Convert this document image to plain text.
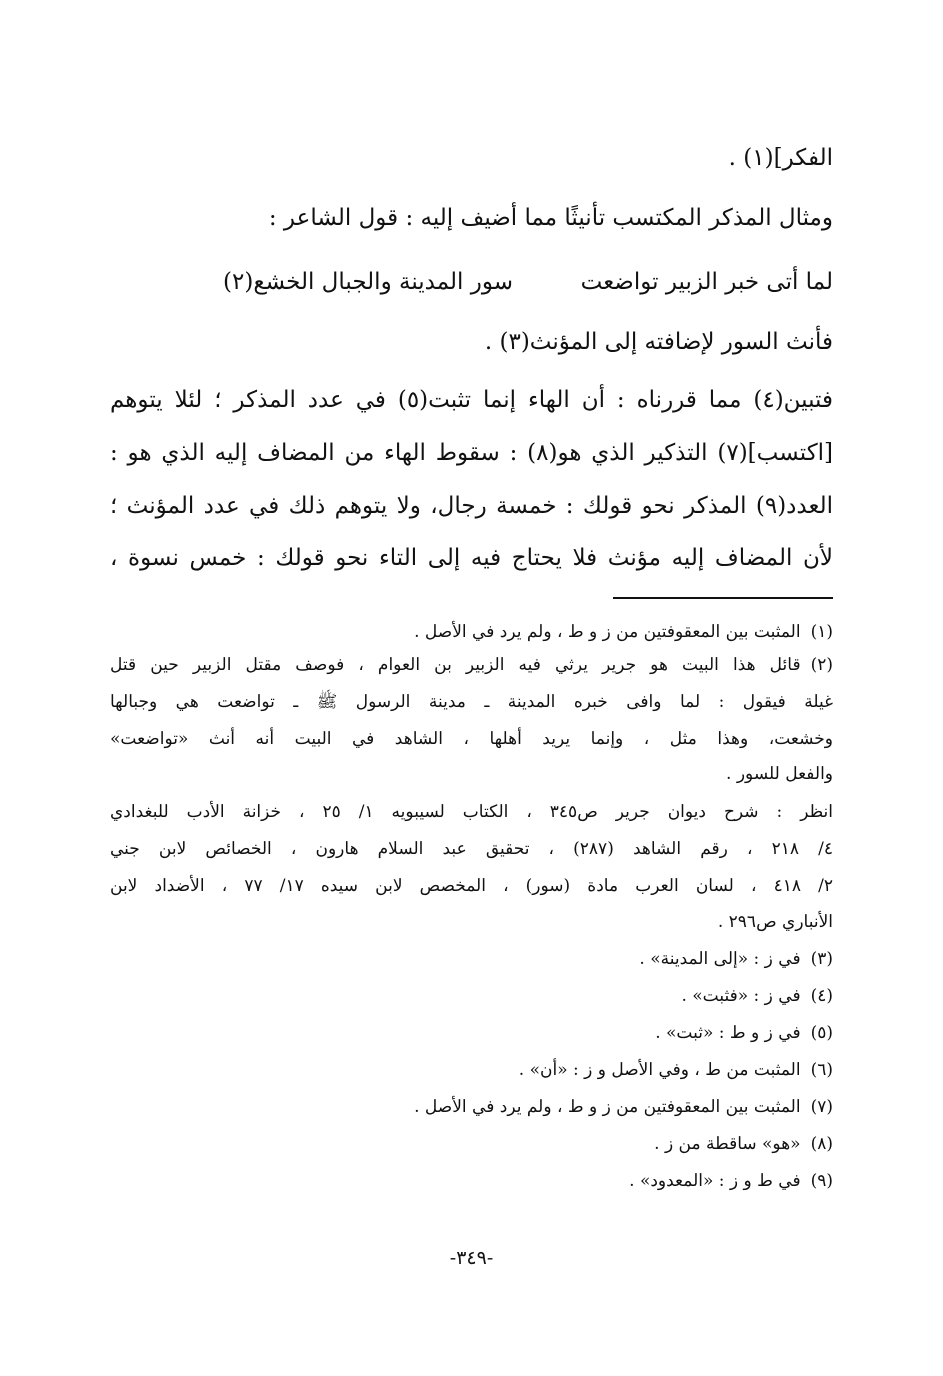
الفكر](١) .
ومثال المذكر المكتسب تأنيثًا مما أضيف إليه : قول الشاعر :
لما أتى خبر الزبير تواضعت
سور المدينة والجبال الخشع(٢)
فأنث السور لإضافته إلى المؤنث(٣) .
فتبين(٤) مما قررناه : أن الهاء إنما تثبت(٥) في عدد المذكر ؛ لئلا يتوهم
[اكتسب](٧) التذكير الذي هو(٨) : سقوط الهاء من المضاف إليه الذي هو :
العدد(٩) المذكر نحو قولك : خمسة رجال، ولا يتوهم ذلك في عدد المؤنث ؛
لأن المضاف إليه مؤنث فلا يحتاج فيه إلى التاء نحو قولك : خمس نسوة ،
(١)المثبت بين المعقوفتين من ز و ط ، ولم يرد في الأصل .
(٢)قائل هذا البيت هو جرير يرثي فيه الزبير بن العوام ، فوصف مقتل الزبير حين قتل
غيلة فيقول : لما وافى خبره المدينة ـ مدينة الرسول ﷺ ـ تواضعت هي وجبالها
وخشعت، وهذا مثل ، وإنما يريد أهلها ، الشاهد في البيت أنه أنث «تواضعت»
والفعل للسور .
انظر : شرح ديوان جرير ص٣٤٥ ، الكتاب لسيبويه ١/ ٢٥ ، خزانة الأدب للبغدادي
٤/ ٢١٨ ، رقم الشاهد (٢٨٧) ، تحقيق عبد السلام هارون ، الخصائص لابن جني
٢/ ٤١٨ ، لسان العرب مادة (سور) ، المخصص لابن سيده ١٧/ ٧٧ ، الأضداد لابن
الأنباري ص٢٩٦ .
(٣)في ز : «إلى المدينة» .
(٤)في ز : «فثبت» .
(٥)في ز و ط : «ثبت» .
(٦)المثبت من ط ، وفي الأصل و ز : «أن» .
(٧)المثبت بين المعقوفتين من ز و ط ، ولم يرد في الأصل .
(٨)«هو» ساقطة من ز .
(٩)في ط و ز : «المعدود» .
-٣٤٩-
